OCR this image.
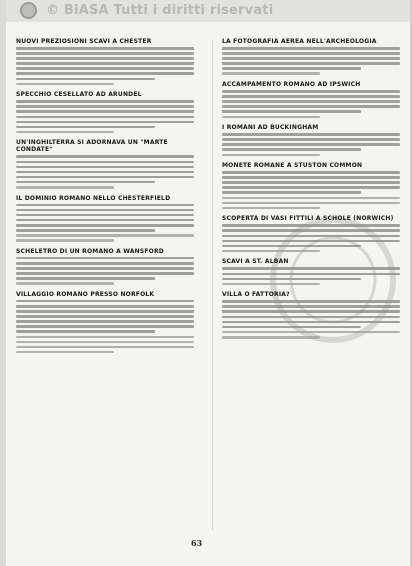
© BiASA Tutti i diritti riservati
NUOVI PREZIOSIONI SCAVI A CHESTER
SPECCHIO CESELLATO AD ARUNDEL
UN'INGHILTERRA SI ADORNAVA UN "MARTE CONDATE"
IL DOMINIO ROMANO NELLO CHESTERFIELD
SCHELETRO DI UN ROMANO A WANSFORD
VILLAGGIO ROMANO PRESSO NORFOLK
LA FOTOGRAFIA AEREA NELL'ARCHEOLOGIA
ACCAMPAMENTO ROMANO AD IPSWICH
I ROMANI AD BUCKINGHAM
MONETE ROMANE A STUSTON COMMON
SCOPERTA DI VASI FITTILI A SCHOLE (NORWICH)
SCAVI A ST. ALBAN
VILLA O FATTORIA?
63
